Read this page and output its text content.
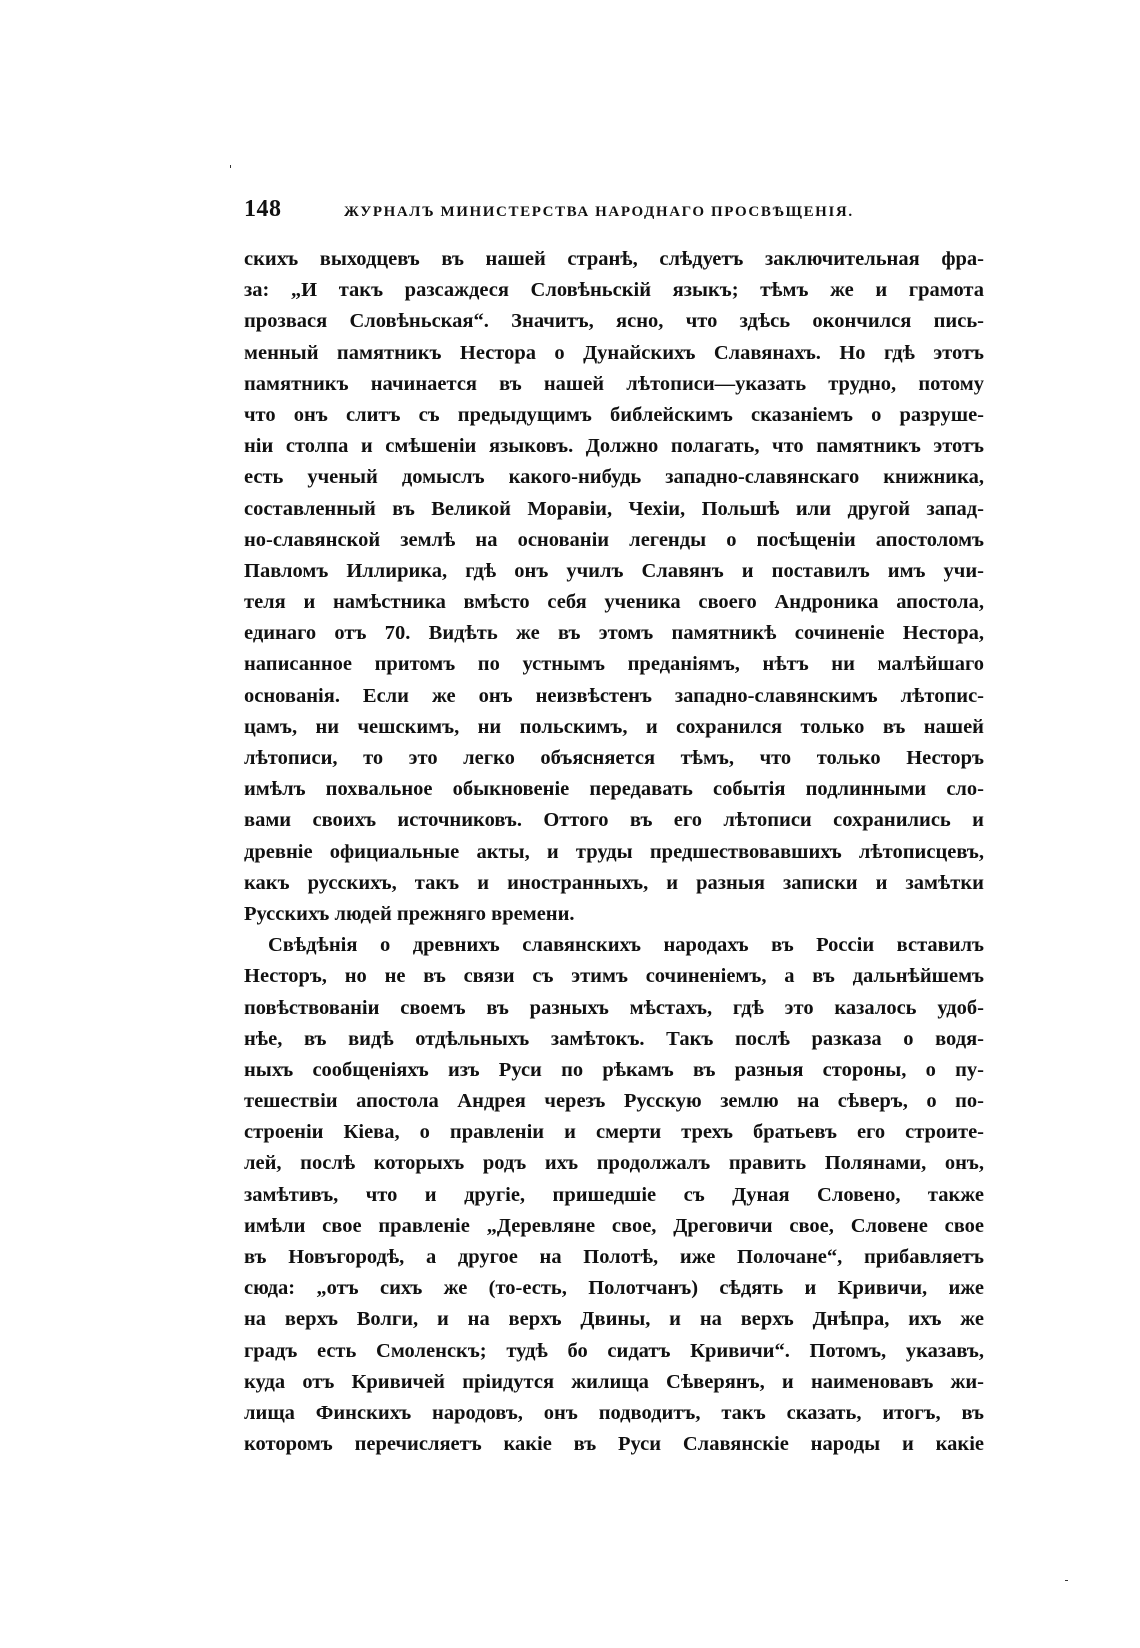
148	ЖУРНАЛЪ МИНИСТЕРСТВА НАРОДНАГО ПРОСВѢЩЕНІЯ.
скихъ выходцевъ въ нашей странѣ, слѣдуетъ заключительная фра-
за: „И такъ разсаждеся Словѣньскій языкъ; тѣмъ же и грамота
прозвася Словѣньская“. Значитъ, ясно, что здѣсь окончился пись-
менный памятникъ Нестора о Дунайскихъ Славянахъ. Но гдѣ этотъ
памятникъ начинается въ нашей лѣтописи—указать трудно, потому
что онъ слитъ съ предыдущимъ библейскимъ сказаніемъ о разруше-
ніи столпа и смѣшеніи языковъ. Должно полагать, что памятникъ этотъ
есть ученый домыслъ какого-нибудь западно-славянскаго книжника,
составленный въ Великой Моравіи, Чехіи, Польшѣ или другой запад-
но-славянской землѣ на основаніи легенды о посѣщеніи апостоломъ
Павломъ Иллирика, гдѣ онъ училъ Славянъ и поставилъ имъ учи-
теля и намѣстника вмѣсто себя ученика своего Андроника апостола,
единаго отъ 70. Видѣть же въ этомъ памятникѣ сочиненіе Нестора,
написанное притомъ по устнымъ преданіямъ, нѣтъ ни малѣйшаго
основанія. Если же онъ неизвѣстенъ западно-славянскимъ лѣтопис-
цамъ, ни чешскимъ, ни польскимъ, и сохранился только въ нашей
лѣтописи, то это легко объясняется тѣмъ, что только Несторъ
имѣлъ похвальное обыкновеніе передавать событія подлинными сло-
вами своихъ источниковъ. Оттого въ его лѣтописи сохранились и
древніе официальные акты, и труды предшествовавшихъ лѣтописцевъ,
какъ русскихъ, такъ и иностранныхъ, и разныя записки и замѣтки
Русскихъ людей прежняго времени.
Свѣдѣнія о древнихъ славянскихъ народахъ въ Россіи вставилъ
Несторъ, но не въ связи съ этимъ сочиненіемъ, а въ дальнѣйшемъ
повѣствованіи своемъ въ разныхъ мѣстахъ, гдѣ это казалось удоб-
нѣе, въ видѣ отдѣльныхъ замѣтокъ. Такъ послѣ разказа о водя-
ныхъ сообщеніяхъ изъ Руси по рѣкамъ въ разныя стороны, о пу-
тешествіи апостола Андрея черезъ Русскую землю на сѣверъ, о по-
строеніи Кіева, о правленіи и смерти трехъ братьевъ его строите-
лей, послѣ которыхъ родъ ихъ продолжалъ править Полянами, онъ,
замѣтивъ, что и другіе, пришедшіе съ Дуная Словено, также
имѣли свое правленіе „Деревляне свое, Дреговичи свое, Словене свое
въ Новъгородѣ, а другое на Полотѣ, иже Полочане“, прибавляетъ
сюда: „отъ сихъ же (то-есть, Полотчанъ) сѣдять и Кривичи, иже
на верхъ Волги, и на верхъ Двины, и на верхъ Днѣпра, ихъ же
градъ есть Смоленскъ; тудѣ бо сидатъ Кривичи“. Потомъ, указавъ,
куда отъ Кривичей пріидутся жилища Сѣверянъ, и наименовавъ жи-
лища Финскихъ народовъ, онъ подводитъ, такъ сказать, итогъ, въ
которомъ перечисляетъ какіе въ Руси Славянскіе народы и какіе
